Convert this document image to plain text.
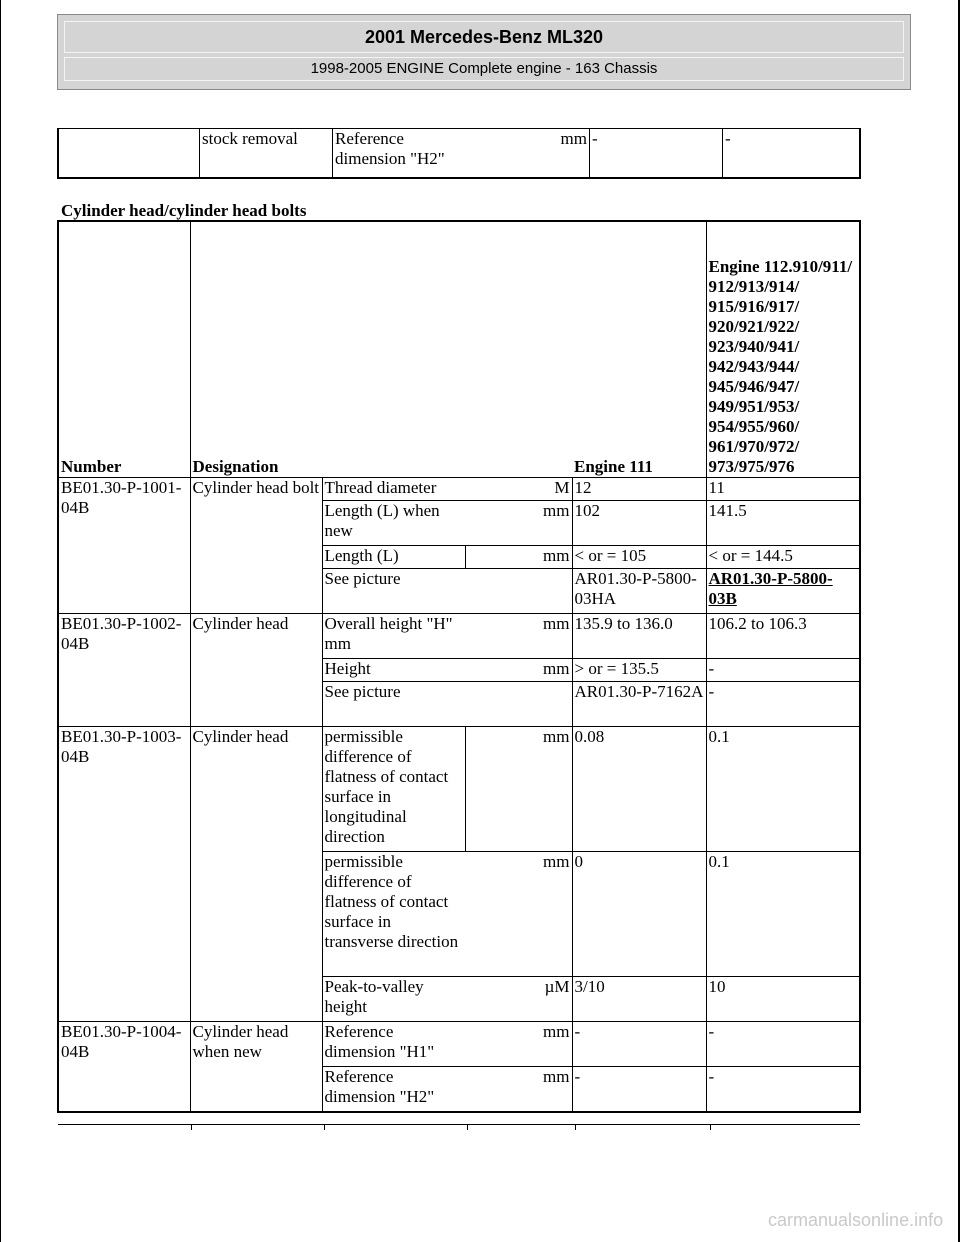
2001 Mercedes-Benz ML320
1998-2005 ENGINE Complete engine - 163 Chassis
	stock removal	Reference dimension "H2"	mm	-	-
Cylinder head/cylinder head bolts
Number	Designation			Engine 111	Engine 112.910/911/ 912/913/914/ 915/916/917/ 920/921/922/ 923/940/941/ 942/943/944/ 945/946/947/ 949/951/953/ 954/955/960/ 961/970/972/ 973/975/976
BE01.30-P-1001-04B	Cylinder head bolt	Thread diameter	M	12	11
		Length (L) when new	mm	102	141.5
		Length (L)	mm	< or = 105	< or = 144.5
		See picture		AR01.30-P-5800-03HA	AR01.30-P-5800-03B
BE01.30-P-1002-04B	Cylinder head	Overall height "H" mm	mm	135.9 to 136.0	106.2 to 106.3
		Height	mm	> or = 135.5	-
		See picture		AR01.30-P-7162A	-
BE01.30-P-1003-04B	Cylinder head	permissible difference of flatness of contact surface in longitudinal direction	mm	0.08	0.1
		permissible difference of flatness of contact surface in transverse direction	mm	0	0.1
		Peak-to-valley height	µM	3/10	10
BE01.30-P-1004-04B	Cylinder head when new	Reference dimension "H1"	mm	-	-
		Reference dimension "H2"	mm	-	-
carmanualsonline.info
